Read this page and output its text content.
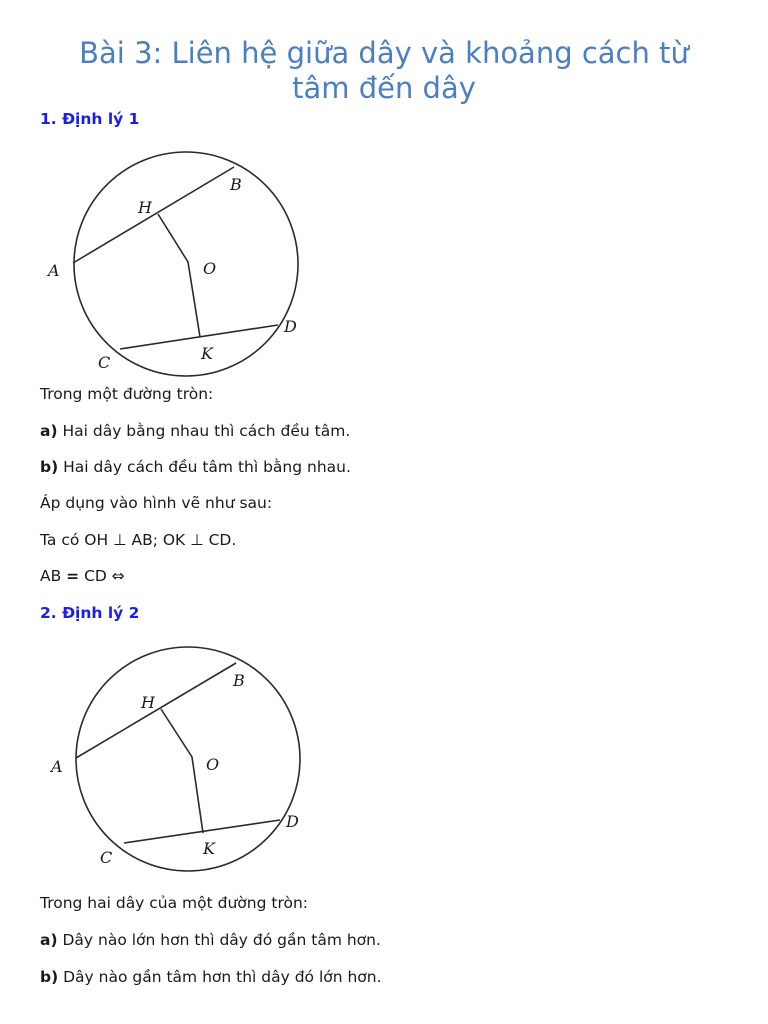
Bài 3: Liên hệ giữa dây và khoảng cách từ
tâm đến dây
1. Định lý 1
A
B
H
O
C
D
K

Trong một đường tròn:

a) Hai dây bằng nhau thì cách đều tâm.

b) Hai dây cách đều tâm thì bằng nhau.

Áp dụng vào hình vẽ như sau:

Ta có OH ⊥ AB; OK ⊥ CD.

AB = CD ⇔

2. Định lý 2
A
B
H
O
C
D
K

Trong hai dây của một đường tròn:

a) Dây nào lớn hơn thì dây đó gần tâm hơn.

b) Dây nào gần tâm hơn thì dây đó lớn hơn.
